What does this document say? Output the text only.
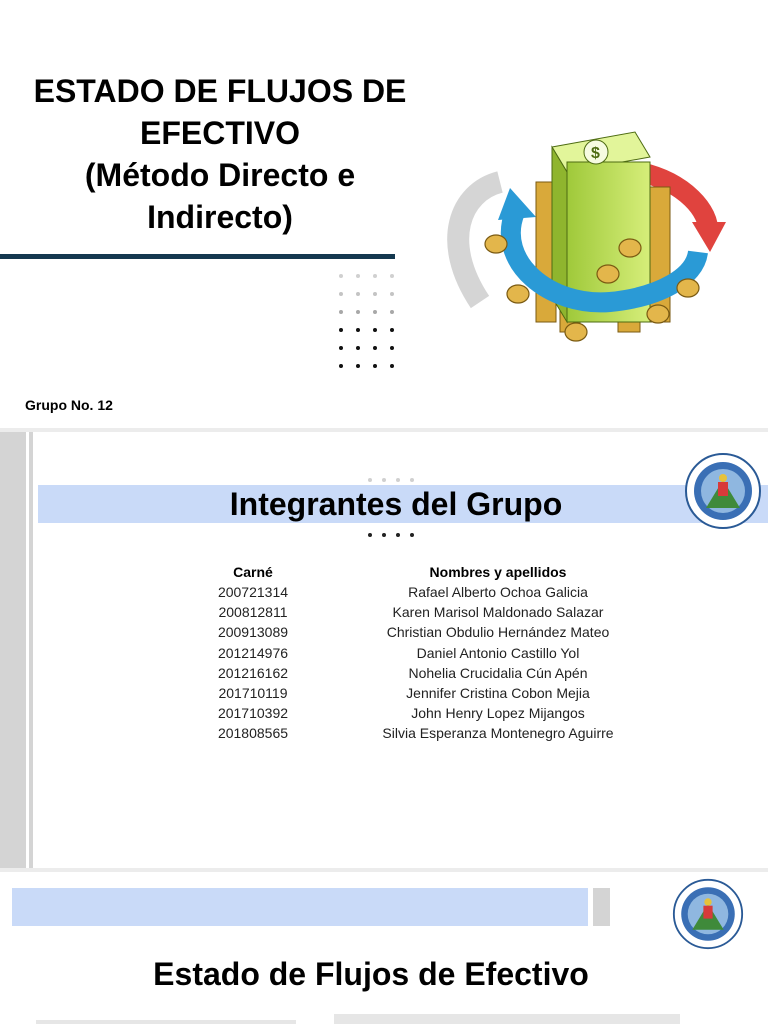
ESTADO DE FLUJOS DE
EFECTIVO
(Método Directo e
Indirecto)
Grupo No. 12
$
Integrantes del Grupo
Carné	Nombres y apellidos
200721314	Rafael Alberto Ochoa Galicia
200812811	Karen Marisol Maldonado Salazar
200913089	Christian Obdulio Hernández Mateo
201214976	Daniel Antonio Castillo Yol
201216162	Nohelia Crucidalia Cún Apén
201710119	Jennifer Cristina Cobon Mejia
201710392	John Henry Lopez Mijangos
201808565	Silvia Esperanza Montenegro Aguirre
Estado de Flujos de Efectivo
